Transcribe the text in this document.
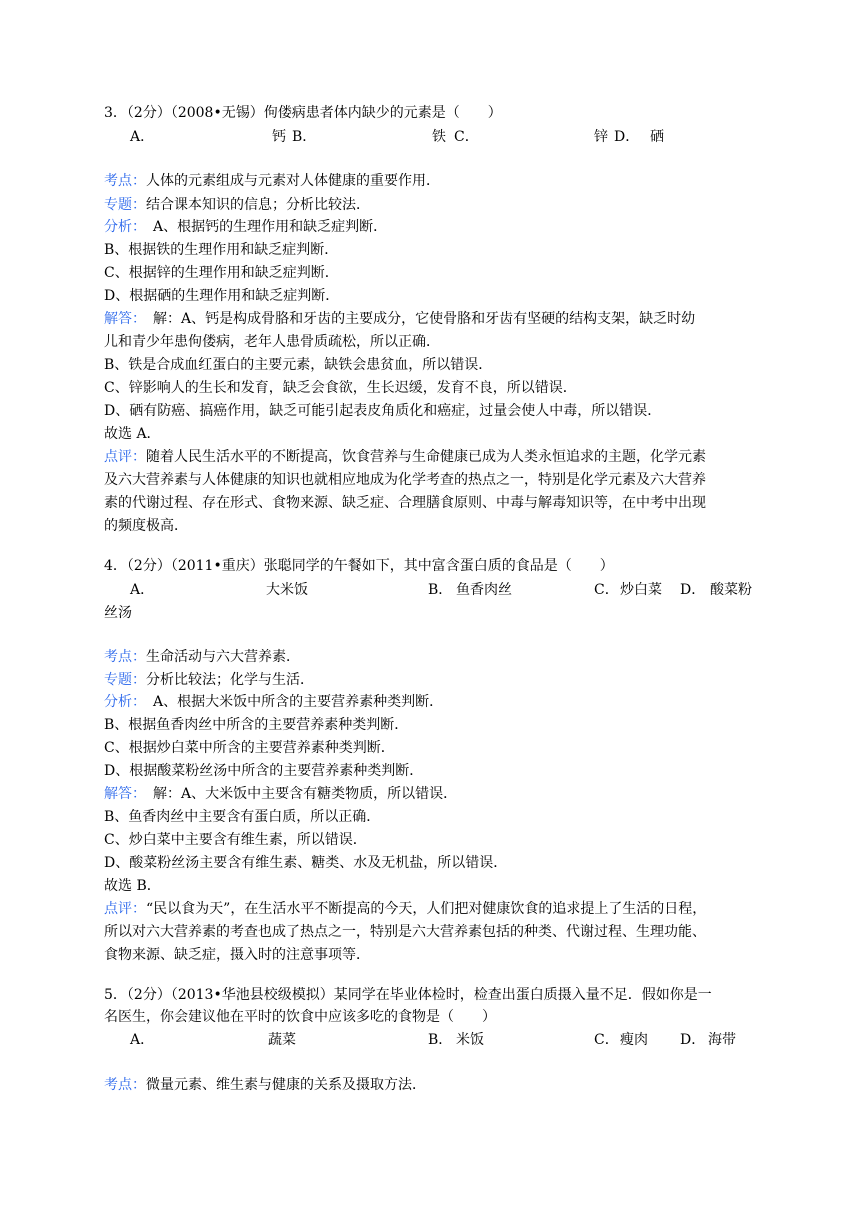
3．（2分）（2008•无锡）佝偻病患者体内缺少的元素是（　　）
A．	钙 B．	铁 C．	锌 D． 硒
考点：人体的元素组成与元素对人体健康的重要作用．
专题：结合课本知识的信息；分析比较法．
分析：　A、根据钙的生理作用和缺乏症判断．
B、根据铁的生理作用和缺乏症判断．
C、根据锌的生理作用和缺乏症判断．
D、根据硒的生理作用和缺乏症判断．
解答：　解：A、钙是构成骨胳和牙齿的主要成分，它使骨胳和牙齿有坚硬的结构支架，缺乏时幼
儿和青少年患佝偻病，老年人患骨质疏松，所以正确．
B、铁是合成血红蛋白的主要元素，缺铁会患贫血，所以错误．
C、锌影响人的生长和发育，缺乏会食欲，生长迟缓，发育不良，所以错误．
D、硒有防癌、搞癌作用，缺乏可能引起表皮角质化和癌症，过量会使人中毒，所以错误．
故选 A．
点评：随着人民生活水平的不断提高，饮食营养与生命健康已成为人类永恒追求的主题，化学元素
及六大营养素与人体健康的知识也就相应地成为化学考查的热点之一，特别是化学元素及六大营养
素的代谢过程、存在形式、食物来源、缺乏症、合理膳食原则、中毒与解毒知识等，在中考中出现
的频度极高．
4．（2分）（2011•重庆）张聪同学的午餐如下，其中富含蛋白质的食品是（　　）
A．	大米饭	B． 鱼香肉丝	C． 炒白菜 D． 酸菜粉
丝汤
考点：生命活动与六大营养素．
专题：分析比较法；化学与生活．
分析：　A、根据大米饭中所含的主要营养素种类判断．
B、根据鱼香肉丝中所含的主要营养素种类判断．
C、根据炒白菜中所含的主要营养素种类判断．
D、根据酸菜粉丝汤中所含的主要营养素种类判断．
解答：　解：A、大米饭中主要含有糖类物质，所以错误．
B、鱼香肉丝中主要含有蛋白质，所以正确．
C、炒白菜中主要含有维生素，所以错误．
D、酸菜粉丝汤主要含有维生素、糖类、水及无机盐，所以错误．
故选 B．
点评：“民以食为天”，在生活水平不断提高的今天，人们把对健康饮食的追求提上了生活的日程，
所以对六大营养素的考查也成了热点之一，特别是六大营养素包括的种类、代谢过程、生理功能、
食物来源、缺乏症，摄入时的注意事项等．
5．（2分）（2013•华池县校级模拟）某同学在毕业体检时，检查出蛋白质摄入量不足．假如你是一
名医生，你会建议他在平时的饮食中应该多吃的食物是（　　）
A．	蔬菜	B． 米饭	C． 瘦肉 D． 海带
考点：微量元素、维生素与健康的关系及摄取方法．
